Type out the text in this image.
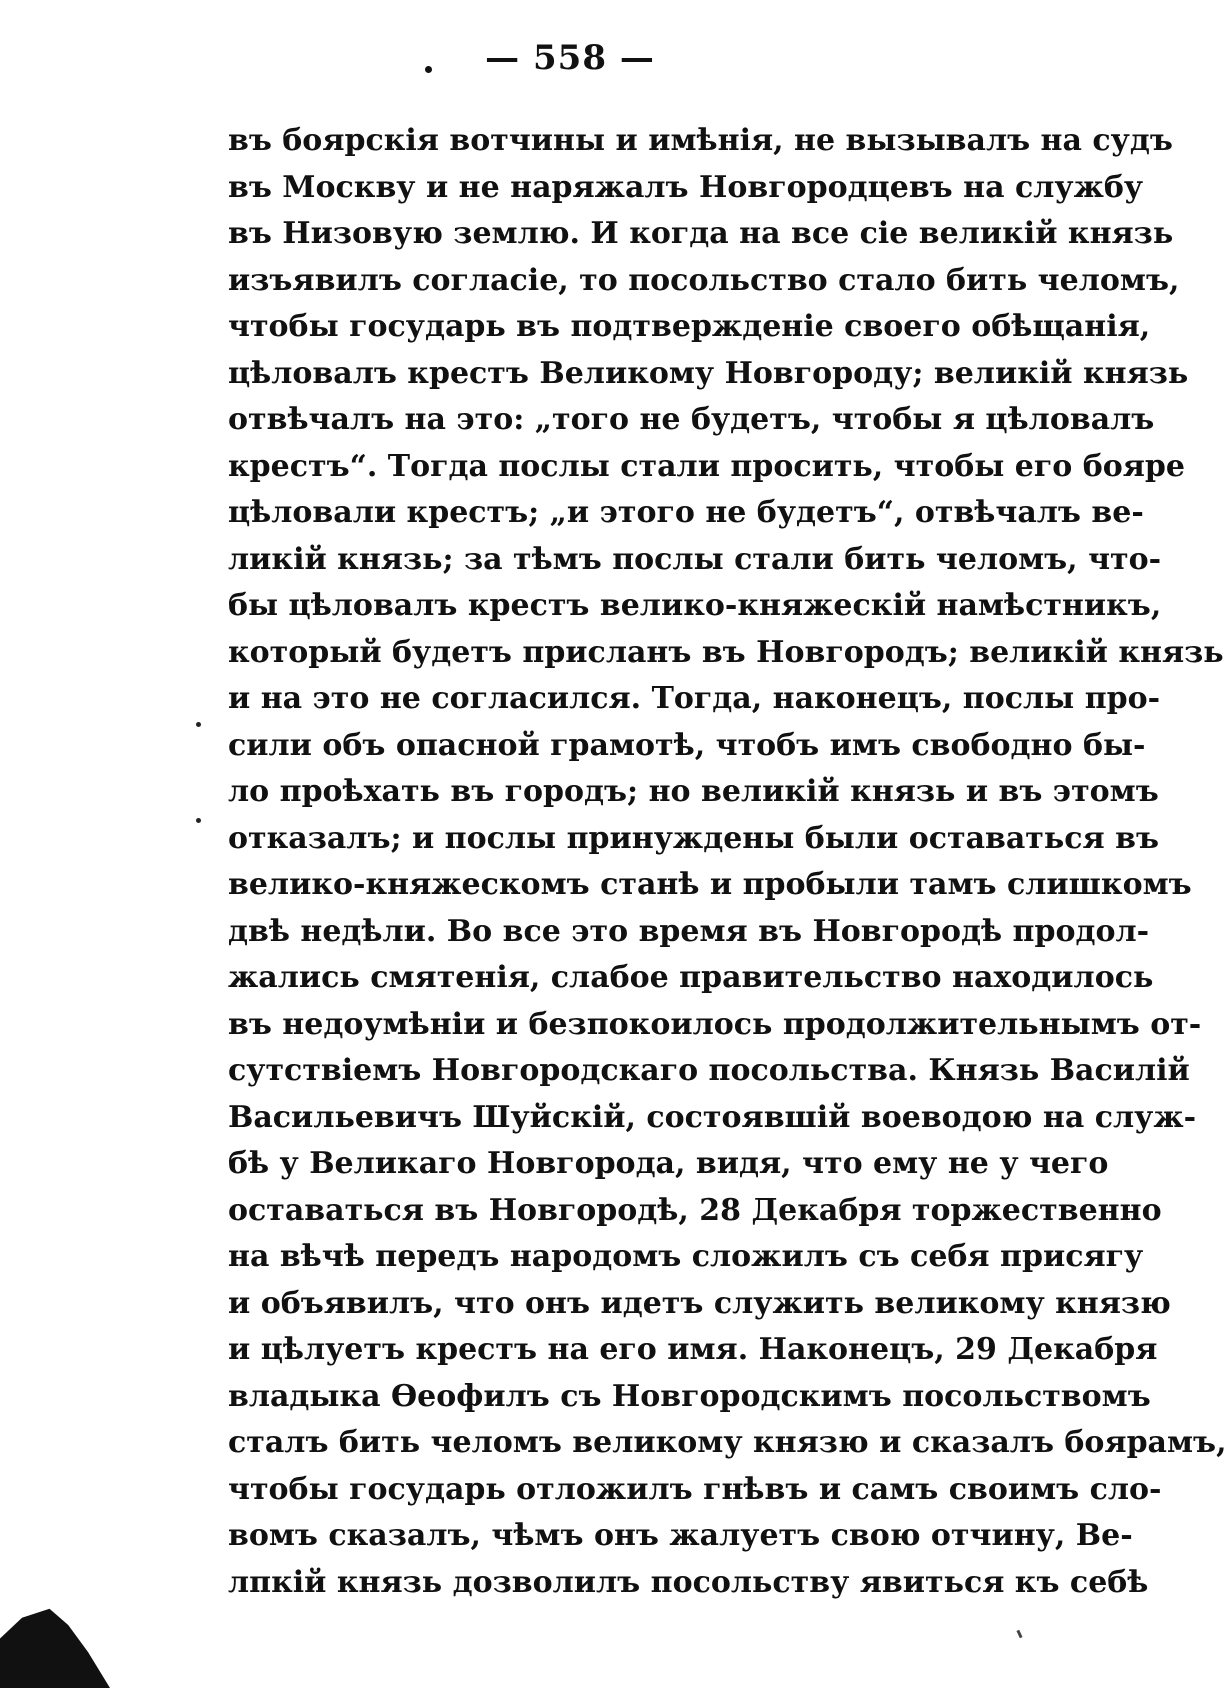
— 558 —
въ боярскія вотчины и имѣнія, не вызывалъ на судъ
въ Москву и не наряжалъ Новгородцевъ на службу
въ Низовую землю. И когда на все сіе великій князь
изъявилъ согласіе, то посольство стало бить челомъ,
чтобы государь въ подтвержденіе своего обѣщанія,
цѣловалъ крестъ Великому Новгороду; великій князь
отвѣчалъ на это: „того не будетъ, чтобы я цѣловалъ
крестъ“. Тогда послы стали просить, чтобы его бояре
цѣловали крестъ; „и этого не будетъ“, отвѣчалъ ве-
ликій князь; за тѣмъ послы стали бить челомъ, что-
бы цѣловалъ крестъ велико-княжескій намѣстникъ,
который будетъ присланъ въ Новгородъ; великій князь
и на это не согласился. Тогда, наконецъ, послы про-
сили объ опасной грамотѣ, чтобъ имъ свободно бы-
ло проѣхать въ городъ; но великій князь и въ этомъ
отказалъ; и послы принуждены были оставаться въ
велико-княжескомъ станѣ и пробыли тамъ слишкомъ
двѣ недѣли. Во все это время въ Новгородѣ продол-
жались смятенія, слабое правительство находилось
въ недоумѣніи и безпокоилось продолжительнымъ от-
сутствіемъ Новгородскаго посольства. Князь Василій
Васильевичъ Шуйскій, состоявшій воеводою на служ-
бѣ у Великаго Новгорода, видя, что ему не у чего
оставаться въ Новгородѣ, 28 Декабря торжественно
на вѣчѣ передъ народомъ сложилъ съ себя присягу
и объявилъ, что онъ идетъ служить великому князю
и цѣлуетъ крестъ на его имя. Наконецъ, 29 Декабря
владыка Ѳеофилъ съ Новгородскимъ посольствомъ
сталъ бить челомъ великому князю и сказалъ боярамъ,
чтобы государь отложилъ гнѣвъ и самъ своимъ сло-
вомъ сказалъ, чѣмъ онъ жалуетъ свою отчину, Ве-
лпкій князь дозволилъ посольству явиться къ себѣ
